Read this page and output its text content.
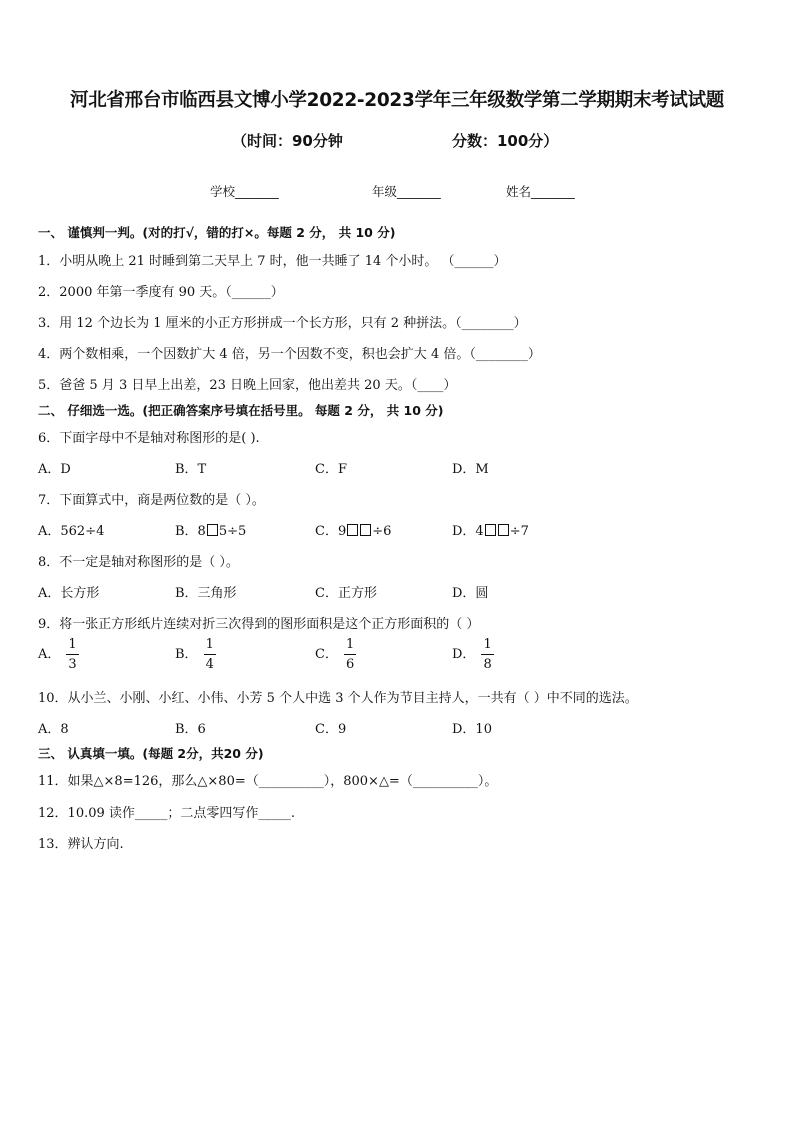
河北省邢台市临西县文博小学2022-2023学年三年级数学第二学期期末考试试题
（时间：90分钟	分数：100分）
学校_______	年级_______	姓名_______
一、 谨慎判一判。(对的打√，错的打×。每题 2 分， 共 10 分)
1．小明从晚上 21 时睡到第二天早上 7 时，他一共睡了 14 个小时。 （______）
2．2000 年第一季度有 90 天。（______）
3．用 12 个边长为 1 厘米的小正方形拼成一个长方形，只有 2 种拼法。（________）
4．两个数相乘，一个因数扩大 4 倍，另一个因数不变，积也会扩大 4 倍。（________）
5．爸爸 5 月 3 日早上出差，23 日晚上回家，他出差共 20 天。（____）
二、 仔细选一选。(把正确答案序号填在括号里。 每题 2 分， 共 10 分)
6．下面字母中不是轴对称图形的是( ).
A．D	B．T	C．F	D．M
7．下面算式中，商是两位数的是（ ）。
A．562÷4	B．8 5÷5	C．9 ÷6	D．4 ÷7
8．不一定是轴对称图形的是（ ）。
A．长方形	B．三角形	C．正方形	D．圆
9．将一张正方形纸片连续对折三次得到的图形面积是这个正方形面积的（ ）
A． $\frac{1}{3}$	B． $\frac{1}{4}$	C． $\frac{1}{6}$	D． $\frac{1}{8}$
10．从小兰、小刚、小红、小伟、小芳 5 个人中选 3 个人作为节目主持人，一共有（ ）中不同的选法。
A．8	B．6	C．9	D．10
三、 认真填一填。(每题 2分，共20 分)
11．如果△×8=126，那么△×80=（__________），800×△=（__________）。
12．10.09 读作_____；二点零四写作_____.
13．辨认方向.
